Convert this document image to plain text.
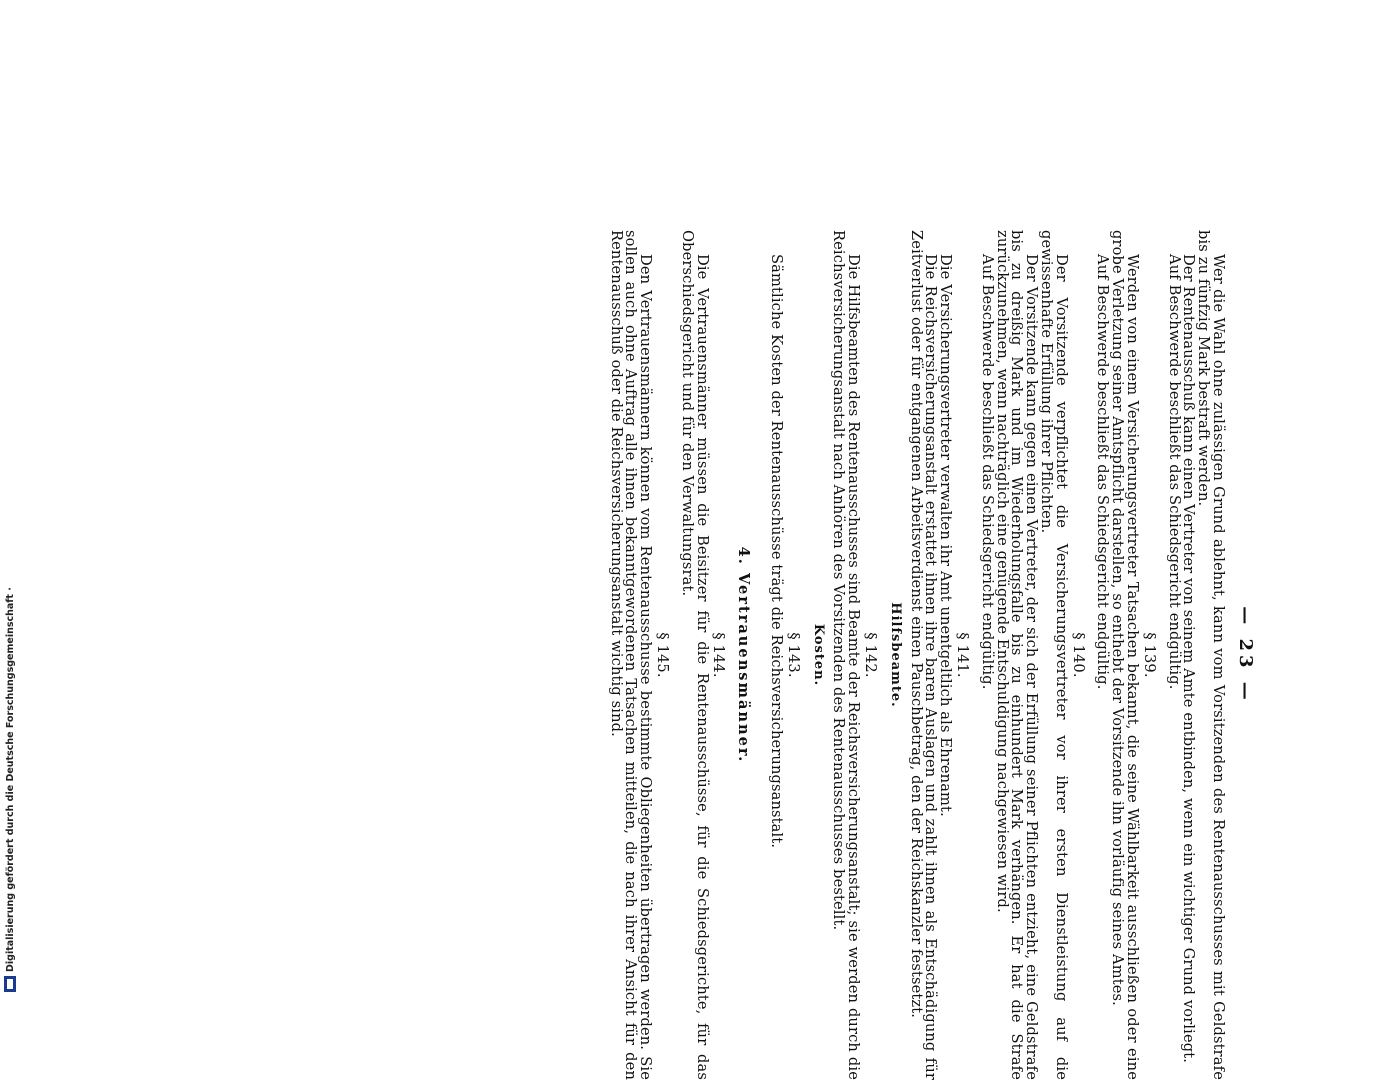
— 23 —

Wer die Wahl ohne zulässigen Grund ablehnt, kann vom Vorsitzenden des Rentenausschusses mit Geldstrafe bis zu fünfzig Mark bestraft werden.

Der Rentenausschuß kann einen Vertreter von seinem Amte entbinden, wenn ein wichtiger Grund vorliegt.

Auf Beschwerde beschließt das Schiedsgericht endgültig.

§ 139.

Werden von einem Versicherungsvertreter Tatsachen bekannt, die seine Wählbarkeit ausschließen oder eine grobe Verletzung seiner Amtspflicht darstellen, so enthebt der Vorsitzende ihn vorläufig seines Amtes.

Auf Beschwerde beschließt das Schiedsgericht endgültig.

§ 140.

Der Vorsitzende verpflichtet die Versicherungsvertreter vor ihrer ersten Dienstleistung auf die gewissenhafte Erfüllung ihrer Pflichten.

Der Vorsitzende kann gegen einen Vertreter, der sich der Erfüllung seiner Pflichten entzieht, eine Geldstrafe bis zu dreißig Mark und im Wiederholungsfalle bis zu einhundert Mark verhängen. Er hat die Strafe zurückzunehmen, wenn nachträglich eine genügende Entschuldigung nachgewiesen wird.

Auf Beschwerde beschließt das Schiedsgericht endgültig.

§ 141.

Die Versicherungsvertreter verwalten ihr Amt unentgeltlich als Ehrenamt.

Die Reichsversicherungsanstalt erstattet ihnen ihre baren Auslagen und zahlt ihnen als Entschädigung für Zeitverlust oder für entgangenen Arbeitsverdienst einen Pauschbetrag, den der Reichskanzler festsetzt.

Hilfsbeamte.
§ 142.

Die Hilfsbeamten des Rentenausschusses sind Beamte der Reichsversicherungsanstalt; sie werden durch die Reichsversicherungsanstalt nach Anhören des Vorsitzenden des Rentenausschusses bestellt.

Kosten.
§ 143.

Sämtliche Kosten der Rentenausschüsse trägt die Reichsversicherungsanstalt.

4. Vertrauensmänner.
§ 144.

Die Vertrauensmänner müssen die Beisitzer für die Rentenausschüsse, für die Schiedsgerichte, für das Oberschiedsgericht und für den Verwaltungsrat.

§ 145.

Den Vertrauensmännern können vom Rentenausschusse bestimmte Obliegenheiten übertragen werden. Sie sollen auch ohne Auftrag alle ihnen bekanntgewordenen Tatsachen mitteilen, die nach ihrer Ansicht für den Rentenausschuß oder die Reichsversicherungsanstalt wichtig sind.

Digitalisierung gefördert durch die Deutsche Forschungsgemeinschaft ·
